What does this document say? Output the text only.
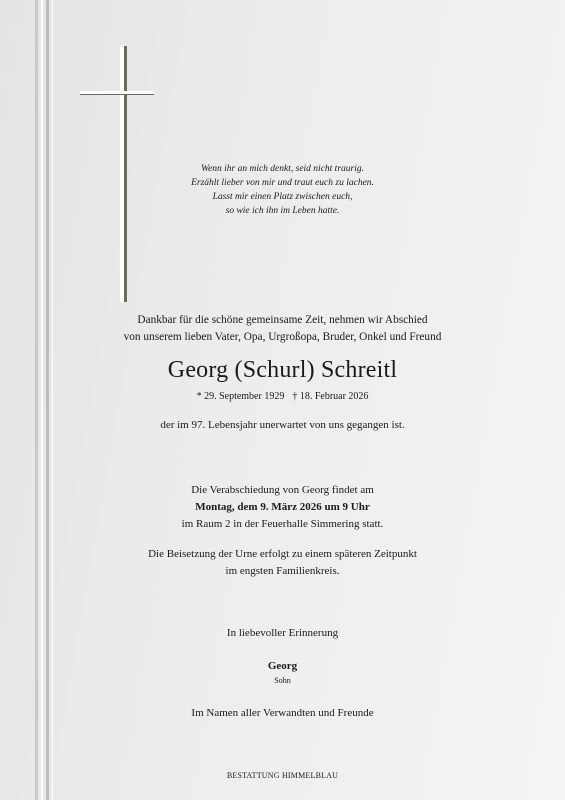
Wenn ihr an mich denkt, seid nicht traurig.
Erzählt lieber von mir und traut euch zu lachen.
Lasst mir einen Platz zwischen euch,
so wie ich ihn im Leben hatte.
Dankbar für die schöne gemeinsame Zeit, nehmen wir Abschied
von unserem lieben Vater, Opa, Urgroßopa, Bruder, Onkel und Freund
Georg (Schurl) Schreitl
* 29. September 1929 † 18. Februar 2026
der im 97. Lebensjahr unerwartet von uns gegangen ist.
Die Verabschiedung von Georg findet am
Montag, dem 9. März 2026 um 9 Uhr
im Raum 2 in der Feuerhalle Simmering statt.
Die Beisetzung der Urne erfolgt zu einem späteren Zeitpunkt
im engsten Familienkreis.
In liebevoller Erinnerung
Georg
Sohn
Im Namen aller Verwandten und Freunde
BESTATTUNG HIMMELBLAU
